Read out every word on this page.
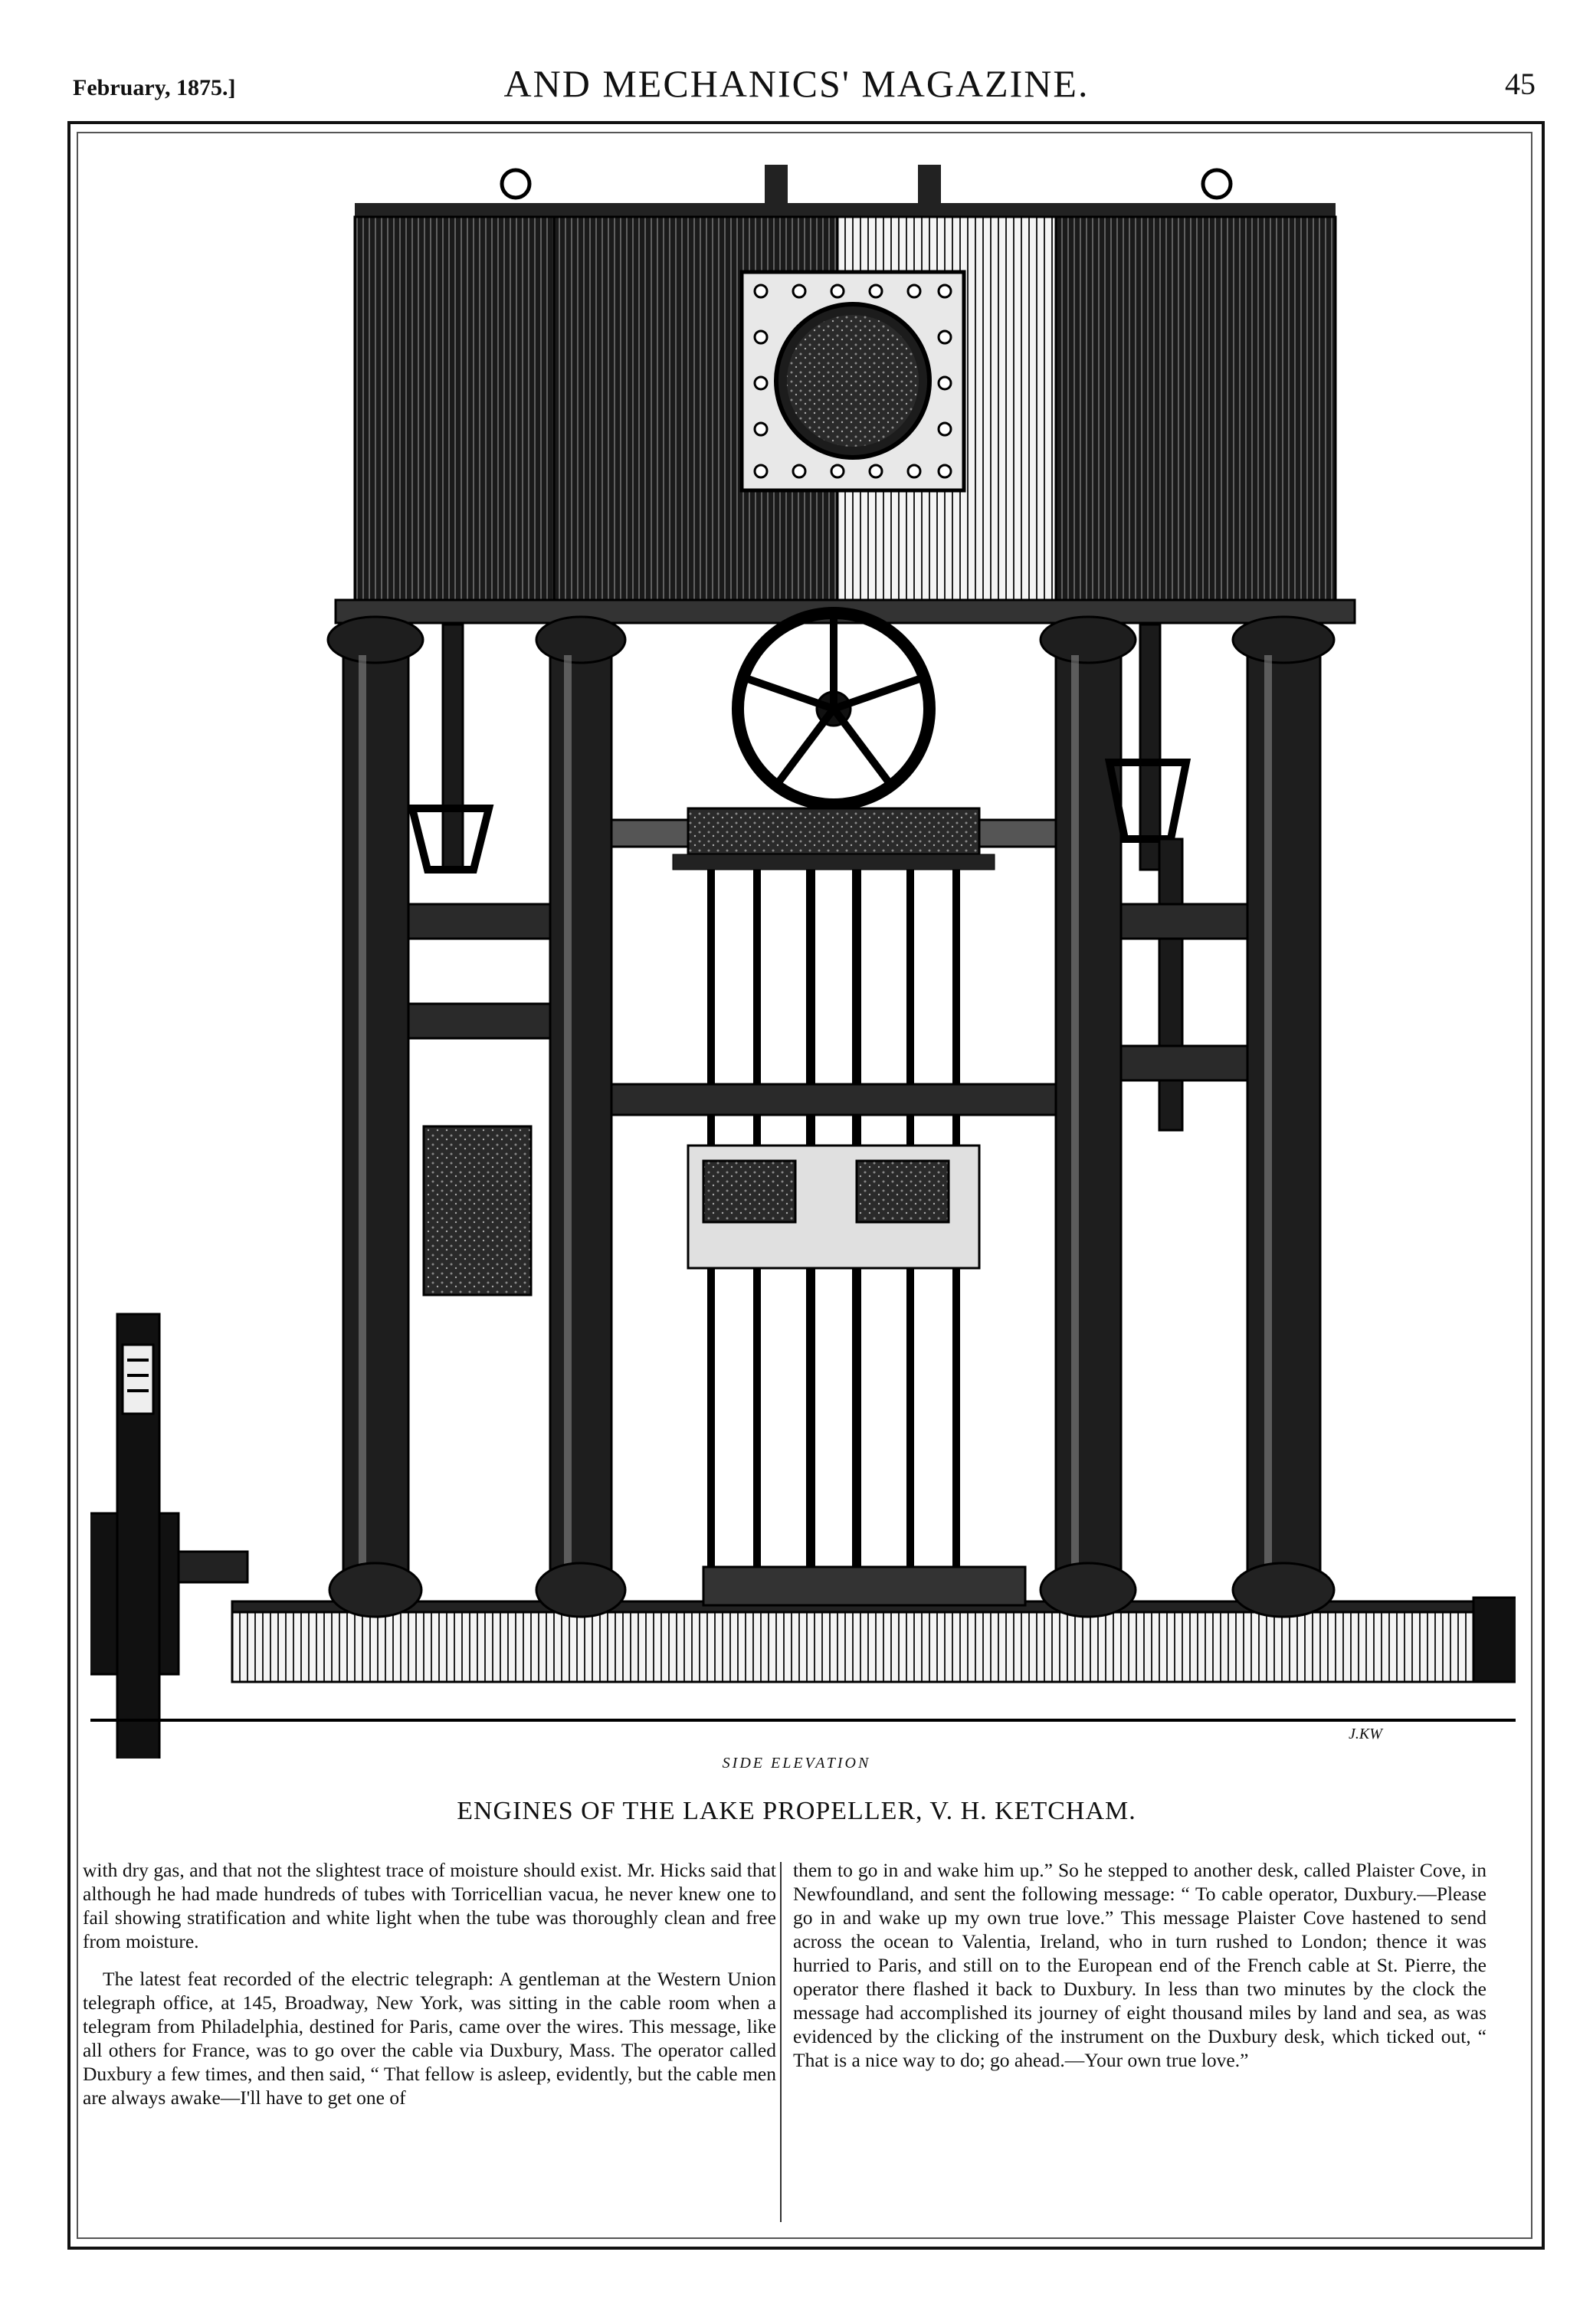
February, 1875.]	AND MECHANICS' MAGAZINE.	45
J.KW
SIDE ELEVATION
ENGINES OF THE LAKE PROPELLER, V. H. KETCHAM.

with dry gas, and that not the slightest trace of moisture should exist. Mr. Hicks said that although he had made hundreds of tubes with Torricellian vacua, he never knew one to fail showing stratification and white light when the tube was thoroughly clean and free from moisture.

The latest feat recorded of the electric telegraph: A gentleman at the Western Union telegraph office, at 145, Broadway, New York, was sitting in the cable room when a telegram from Philadelphia, destined for Paris, came over the wires. This message, like all others for France, was to go over the cable via Duxbury, Mass. The operator called Duxbury a few times, and then said, “ That fellow is asleep, evidently, but the cable men are always awake—I'll have to get one of

them to go in and wake him up.” So he stepped to another desk, called Plaister Cove, in Newfoundland, and sent the following message: “ To cable operator, Duxbury.—Please go in and wake up my own true love.” This message Plaister Cove hastened to send across the ocean to Valentia, Ireland, who in turn rushed to London; thence it was hurried to Paris, and still on to the European end of the French cable at St. Pierre, the operator there flashed it back to Duxbury. In less than two minutes by the clock the message had accomplished its journey of eight thousand miles by land and sea, as was evidenced by the clicking of the instrument on the Duxbury desk, which ticked out, “ That is a nice way to do; go ahead.—Your own true love.”
